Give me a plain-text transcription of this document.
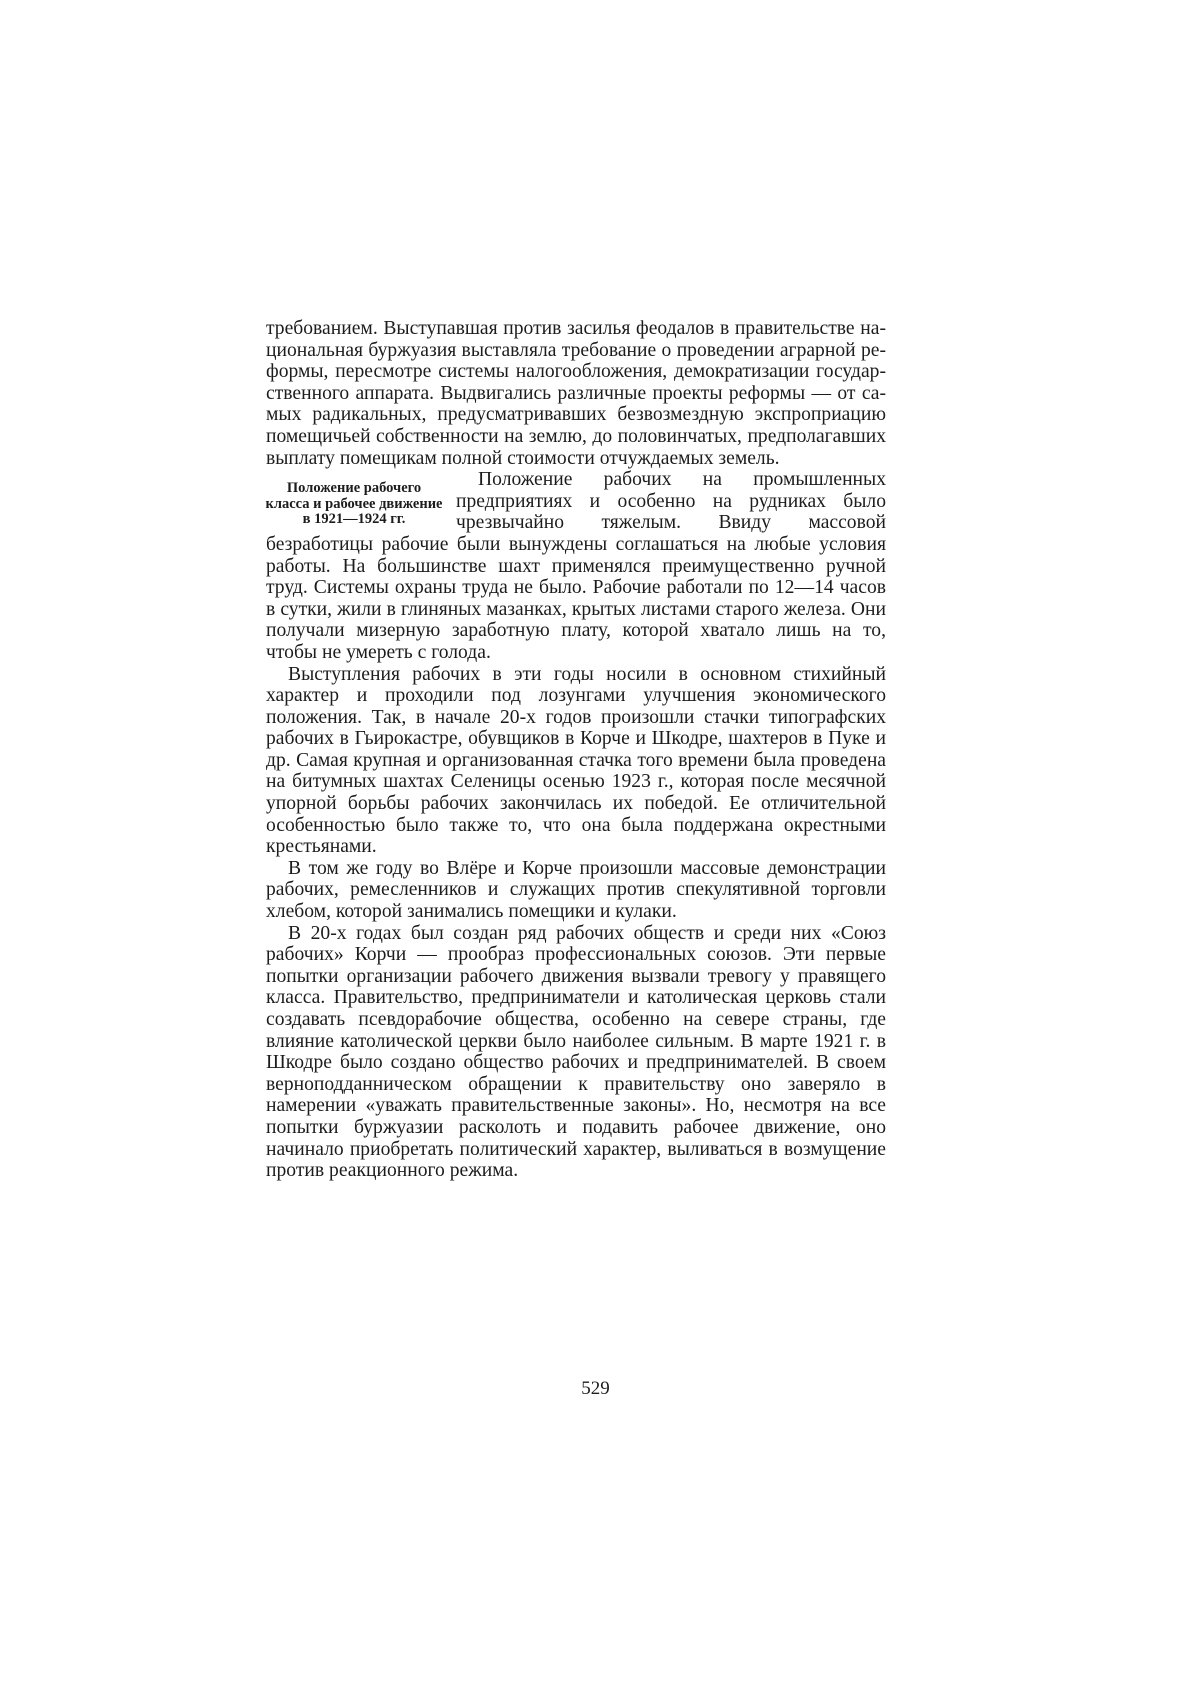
требованием. Выступавшая против засилья феодалов в правительстве национальная буржуазия выставляла требование о проведении аграрной реформы, пересмотре системы налогообложения, демократизации государственного аппарата. Выдвигались различные проекты реформы — от самых радикальных, предусматривавших безвозмездную экспроприацию помещичьей собственности на землю, до половинчатых, предполагавших выплату помещикам полной стоимости отчуждаемых земель.

Положение рабочего класса и рабочее движение в 1921—1924 гг.

Положение рабочих на промышленных предприятиях и особенно на рудниках было чрезвычайно тяжелым. Ввиду массовой безработицы рабочие были вынуждены соглашаться на любые условия работы. На большинстве шахт применялся преимущественно ручной труд. Системы охраны труда не было. Рабочие работали по 12—14 часов в сутки, жили в глиняных мазанках, крытых листами старого железа. Они получали мизерную заработную плату, которой хватало лишь на то, чтобы не умереть с голода.

Выступления рабочих в эти годы носили в основном стихийный характер и проходили под лозунгами улучшения экономического положения. Так, в начале 20-х годов произошли стачки типографских рабочих в Гьирокастре, обувщиков в Корче и Шкодре, шахтеров в Пуке и др. Самая крупная и организованная стачка того времени была проведена на битумных шахтах Селеницы осенью 1923 г., которая после месячной упорной борьбы рабочих закончилась их победой. Ее отличительной особенностью было также то, что она была поддержана окрестными крестьянами.

В том же году во Влёре и Корче произошли массовые демонстрации рабочих, ремесленников и служащих против спекулятивной торговли хлебом, которой занимались помещики и кулаки.

В 20-х годах был создан ряд рабочих обществ и среди них «Союз рабочих» Корчи — прообраз профессиональных союзов. Эти первые попытки организации рабочего движения вызвали тревогу у правящего класса. Правительство, предприниматели и католическая церковь стали создавать псевдорабочие общества, особенно на севере страны, где влияние католической церкви было наиболее сильным. В марте 1921 г. в Шкодре было создано общество рабочих и предпринимателей. В своем верноподданническом обращении к правительству оно заверяло в намерении «уважать правительственные законы». Но, несмотря на все попытки буржуазии расколоть и подавить рабочее движение, оно начинало приобретать политический характер, выливаться в возмущение против реакционного режима.

529
